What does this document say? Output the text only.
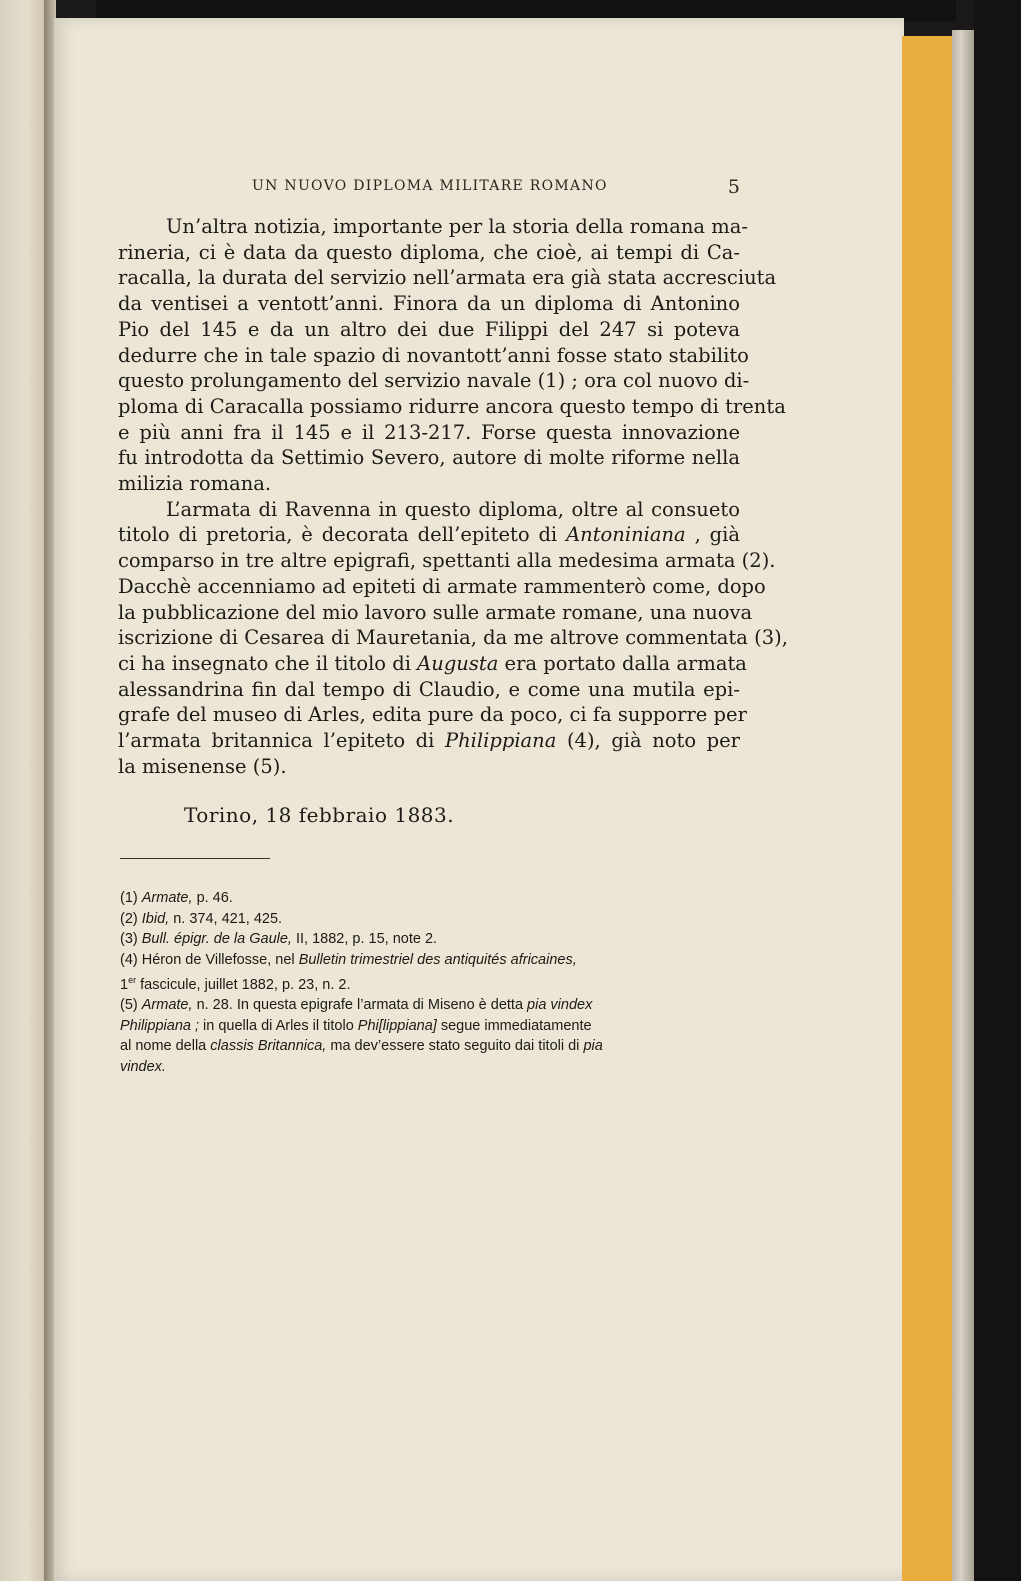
UN NUOVO DIPLOMA MILITARE ROMANO	5
Un’altra notizia, importante per la storia della romana ma-
rineria, ci è data da questo diploma, che cioè, ai tempi di Ca-
racalla, la durata del servizio nell’armata era già stata accresciuta
da ventisei a ventott’anni. Finora da un diploma di Antonino
Pio del 145 e da un altro dei due Filippi del 247 si poteva
dedurre che in tale spazio di novantott’anni fosse stato stabilito
questo prolungamento del servizio navale (1) ; ora col nuovo di-
ploma di Caracalla possiamo ridurre ancora questo tempo di trenta
e più anni fra il 145 e il 213-217. Forse questa innovazione
fu introdotta da Settimio Severo, autore di molte riforme nella
milizia romana.
L’armata di Ravenna in questo diploma, oltre al consueto
titolo di pretoria, è decorata dell’epiteto di Antoniniana , già
comparso in tre altre epigrafi, spettanti alla medesima armata (2).
Dacchè accenniamo ad epiteti di armate rammenterò come, dopo
la pubblicazione del mio lavoro sulle armate romane, una nuova
iscrizione di Cesarea di Mauretania, da me altrove commentata (3),
ci ha insegnato che il titolo di Augusta era portato dalla armata
alessandrina fin dal tempo di Claudio, e come una mutila epi-
grafe del museo di Arles, edita pure da poco, ci fa supporre per
l’armata britannica l’epiteto di Philippiana (4), già noto per
la misenense (5).
Torino, 18 febbraio 1883.
(1) Armate, p. 46.
(2) Ibid, n. 374, 421, 425.
(3) Bull. épigr. de la Gaule, II, 1882, p. 15, note 2.
(4) Héron de Villefosse, nel Bulletin trimestriel des antiquités africaines,
1er fascicule, juillet 1882, p. 23, n. 2.
(5) Armate, n. 28. In questa epigrafe l’armata di Miseno è detta pia vindex
Philippiana ; in quella di Arles il titolo Phi[lippiana] segue immediatamente
al nome della classis Britannica, ma dev’essere stato seguito dai titoli di pia
vindex.
